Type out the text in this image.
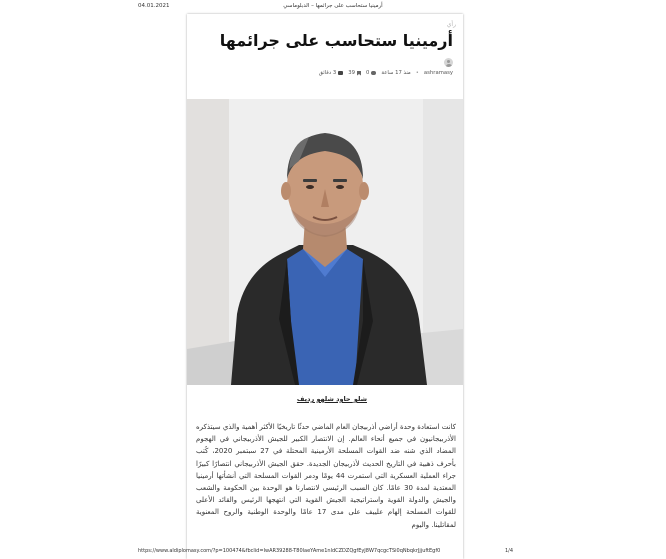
04.01.2021	أرمينيا ستحاسب على جرائمها – الدبلوماسي
رأي
أرمينيا ستحاسب على جرائمها
ashramasy
•
منذ 17 ساعة
0
39
3 دقائق
شلو_حاود شلهو رديف

كانت استعادة وحدة أراضي أذربيجان العام الماضي حدثًا تاريخيًا الأكثر أهمية والذي سيتذكره الأذربيجانيون في جميع أنحاء العالم. إن الانتصار الكبير للجيش الأذربيجاني في الهجوم المضاد الذي شنه ضد القوات المسلحة الأرمينية المحتلة في 27 سبتمبر 2020، كُتب بأحرف ذهبية في التاريخ الحديث لأذربيجان الجديدة. حقق الجيش الأذربيجاني انتصارًا كبيرًا جراء العملية العسكرية التي استمرت 44 يومًا ودمر القوات المسلحة التي أنشأتها أرمينيا المعتدية لمدة 30 عامًا. كان السبب الرئيسي لانتصارنا هو الوحدة بين الحكومة والشعب والجيش والدولة القوية واستراتيجية الجيش القوية التي انتهجها الرئيس والقائد الأعلى للقوات المسلحة إلهام علييف على مدى 17 عامًا والوحدة الوطنية والروح المعنوية لمقاتلينا. واليوم

https://www.aldiplomasy.com/?p=100474&fbclid=IwAR39288-T80laeYAme1nldCZDZQgfEyJ8W7qcgcTSi0qNbqkrJjjuftEgf0	1/4
